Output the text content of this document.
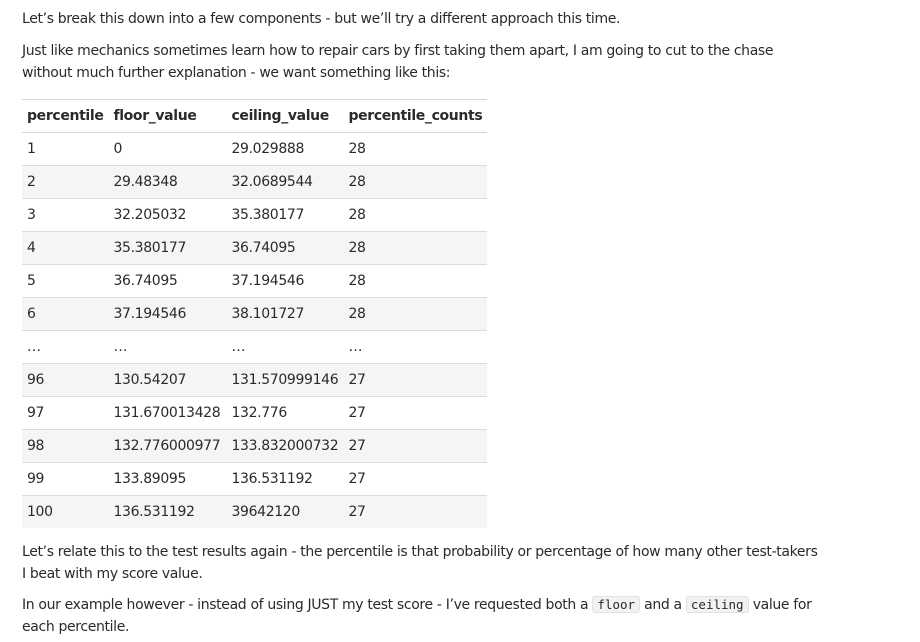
Let’s break this down into a few components - but we’ll try a different approach this time.

Just like mechanics sometimes learn how to repair cars by first taking them apart, I am going to cut to the chase without much further explanation - we want something like this:

percentile	floor_value	ceiling_value	percentile_counts
1	0	29.029888	28
2	29.48348	32.0689544	28
3	32.205032	35.380177	28
4	35.380177	36.74095	28
5	36.74095	37.194546	28
6	37.194546	38.101727	28
…	…	…	…
96	130.54207	131.570999146	27
97	131.670013428	132.776	27
98	132.776000977	133.832000732	27
99	133.89095	136.531192	27
100	136.531192	39642120	27

Let’s relate this to the test results again - the percentile is that probability or percentage of how many other test-takers I beat with my score value.

In our example however - instead of using JUST my test score - I’ve requested both a floor and a ceiling value for each percentile.
